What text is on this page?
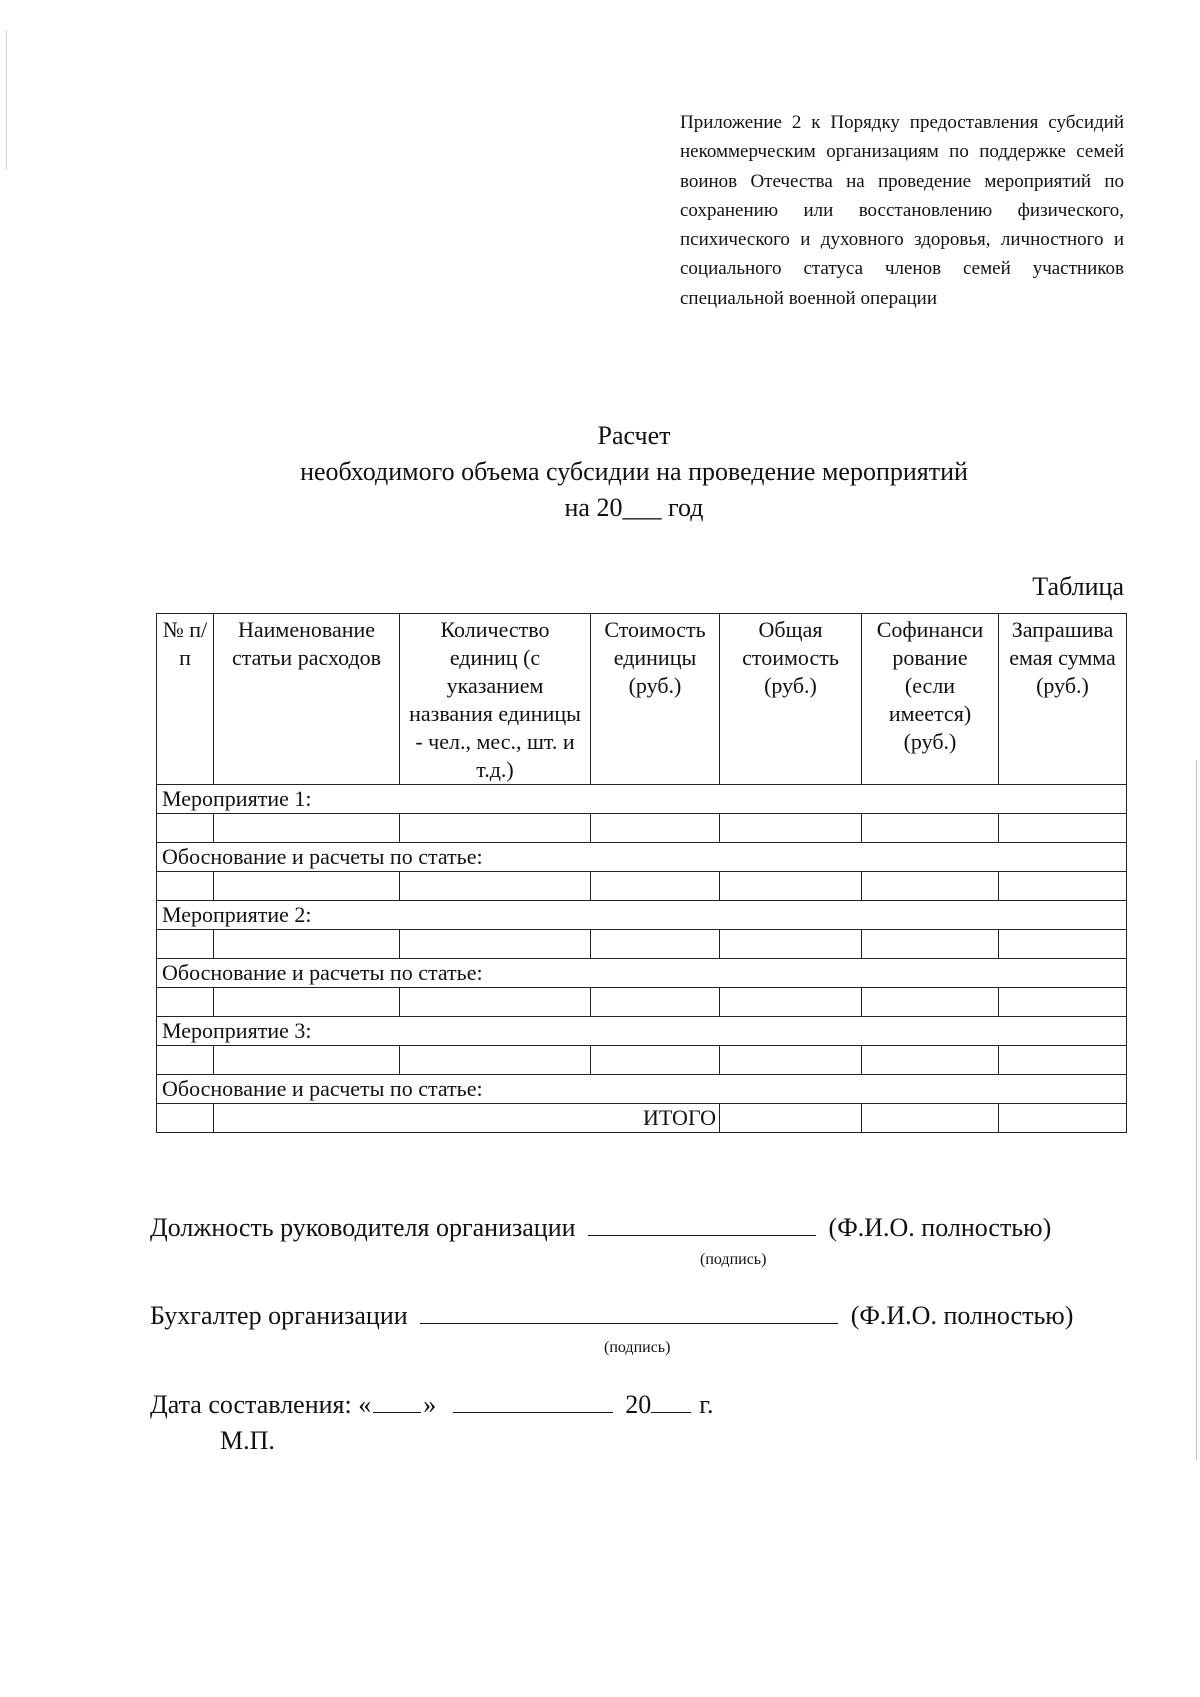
Приложение 2 к Порядку предоставления субсидий некоммерческим организациям по поддержке семей воинов Отечества на проведение мероприятий по сохранению или восстановлению физического, психического и духовного здоровья, личностного и социального статуса членов семей участников специальной военной операции
Расчет
необходимого объема субсидии на проведение мероприятий
на 20___ год
Таблица
№ п/п	Наименование статьи расходов	Количество единиц (с указанием названия единицы - чел., мес., шт. и т.д.)	Стоимость единицы (руб.)	Общая стоимость (руб.)	Софинанси рование (если имеется) (руб.)	Запрашива емая сумма (руб.)
Мероприятие 1:						

Обоснование и расчеты по статье:						

Мероприятие 2:						

Обоснование и расчеты по статье:						

Мероприятие 3:						

Обоснование и расчеты по статье:						
	ИТОГО					
Должность руководителя организации	(Ф.И.О. полностью)
(подпись)
Бухгалтер организации	(Ф.И.О. полностью)
(подпись)
Дата составления: « »	20 г.
М.П.
